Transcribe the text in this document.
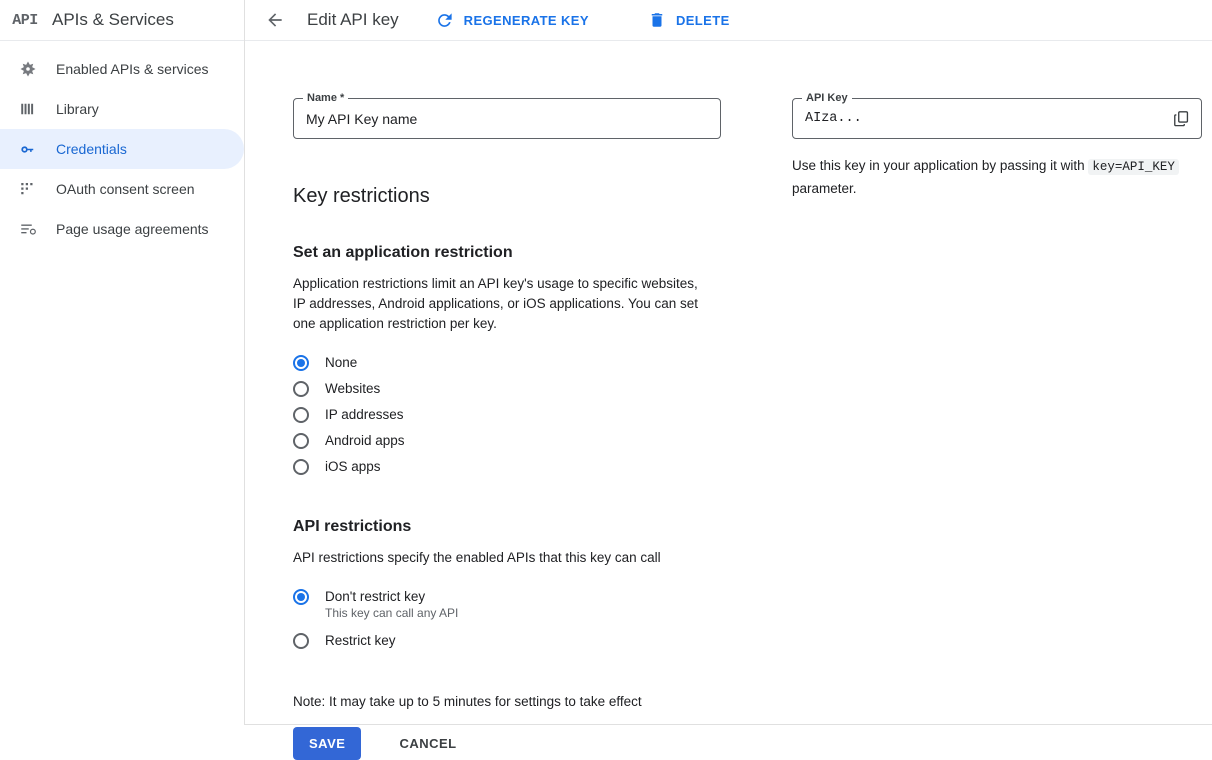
API APIs & Services
Enabled APIs & services
Library
Credentials
OAuth consent screen
Page usage agreements
Edit API key	REGENERATE KEY	DELETE
Name *
My API Key name
Key restrictions
Set an application restriction

Application restrictions limit an API key's usage to specific websites, IP addresses, Android applications, or iOS applications. You can set one application restriction per key.

None
Websites
IP addresses
Android apps
iOS apps
API restrictions

API restrictions specify the enabled APIs that this key can call

Don't restrict key
This key can call any API
Restrict key
Note: It may take up to 5 minutes for settings to take effect
SAVE	CANCEL
API Key
AIza...
Use this key in your application by passing it with key=API_KEY parameter.
